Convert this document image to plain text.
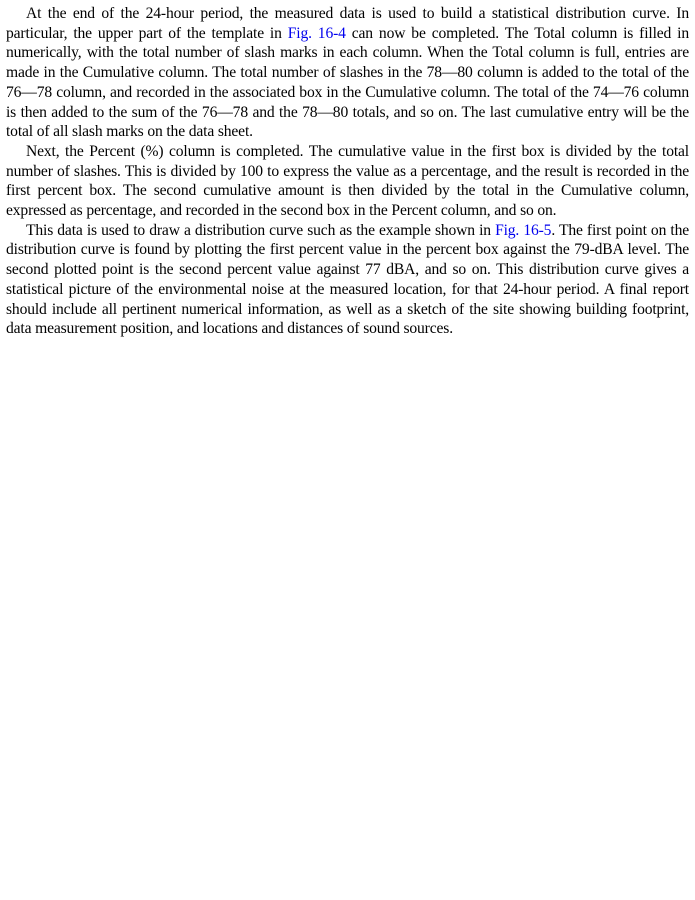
At the end of the 24-hour period, the measured data is used to build a statistical distribution curve. In particular, the upper part of the template in Fig. 16-4 can now be completed. The Total column is filled in numerically, with the total number of slash marks in each column. When the Total column is full, entries are made in the Cumulative column. The total number of slashes in the 78—80 column is added to the total of the 76—78 column, and recorded in the associated box in the Cumulative column. The total of the 74—76 column is then added to the sum of the 76—78 and the 78—80 totals, and so on. The last cumulative entry will be the total of all slash marks on the data sheet.

Next, the Percent (%) column is completed. The cumulative value in the first box is divided by the total number of slashes. This is divided by 100 to express the value as a percentage, and the result is recorded in the first percent box. The second cumulative amount is then divided by the total in the Cumulative column, expressed as percentage, and recorded in the second box in the Percent column, and so on.

This data is used to draw a distribution curve such as the example shown in Fig. 16-5. The first point on the distribution curve is found by plotting the first percent value in the percent box against the 79-dBA level. The second plotted point is the second percent value against 77 dBA, and so on. This distribution curve gives a statistical picture of the environmental noise at the measured location, for that 24-hour period. A final report should include all pertinent numerical information, as well as a sketch of the site showing building footprint, data measurement position, and locations and distances of sound sources.
